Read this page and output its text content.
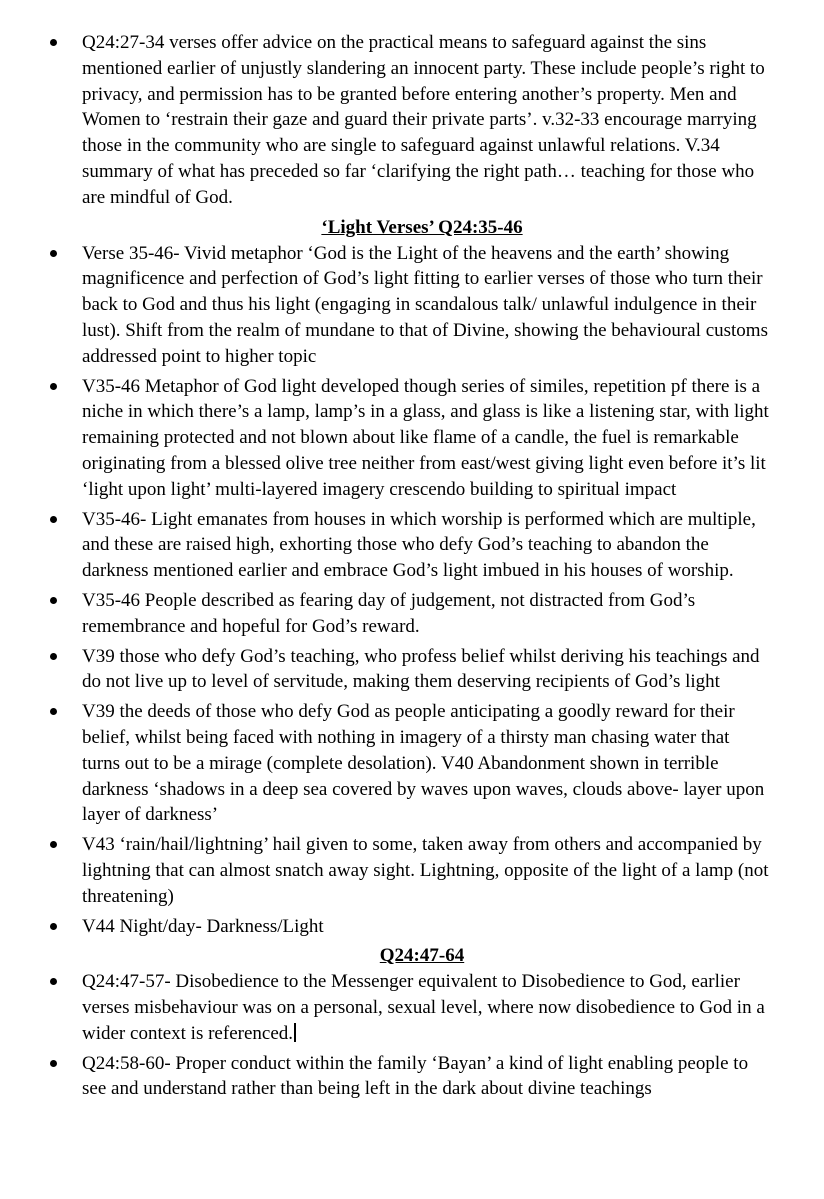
Q24:27-34 verses offer advice on the practical means to safeguard against the sins mentioned earlier of unjustly slandering an innocent party. These include people’s right to privacy, and permission has to be granted before entering another’s property. Men and Women to ‘restrain their gaze and guard their private parts’. v.32-33 encourage marrying those in the community who are single to safeguard against unlawful relations. V.34 summary of what has preceded so far ‘clarifying the right path… teaching for those who are mindful of God.
‘Light Verses’ Q24:35-46
Verse 35-46- Vivid metaphor ‘God is the Light of the heavens and the earth’ showing magnificence and perfection of God’s light fitting to earlier verses of those who turn their back to God and thus his light (engaging in scandalous talk/ unlawful indulgence in their lust). Shift from the realm of mundane to that of Divine, showing the behavioural customs addressed point to higher topic
V35-46 Metaphor of God light developed though series of similes, repetition pf there is a niche in which there’s a lamp, lamp’s in a glass, and glass is like a listening star, with light remaining protected and not blown about like flame of a candle, the fuel is remarkable originating from a blessed olive tree neither from east/west giving light even before it’s lit ‘light upon light’ multi-layered imagery crescendo building to spiritual impact
V35-46- Light emanates from houses in which worship is performed which are multiple, and these are raised high, exhorting those who defy God’s teaching to abandon the darkness mentioned earlier and embrace God’s light imbued in his houses of worship.
V35-46 People described as fearing day of judgement, not distracted from God’s remembrance and hopeful for God’s reward.
V39 those who defy God’s teaching, who profess belief whilst deriving his teachings and do not live up to level of servitude, making them deserving recipients of God’s light
V39 the deeds of those who defy God as people anticipating a goodly reward for their belief, whilst being faced with nothing in imagery of a thirsty man chasing water that turns out to be a mirage (complete desolation). V40 Abandonment shown in terrible darkness ‘shadows in a deep sea covered by waves upon waves, clouds above- layer upon layer of darkness’
V43 ‘rain/hail/lightning’ hail given to some, taken away from others and accompanied by lightning that can almost snatch away sight. Lightning, opposite of the light of a lamp (not threatening)
V44 Night/day- Darkness/Light
Q24:47-64
Q24:47-57- Disobedience to the Messenger equivalent to Disobedience to God, earlier verses misbehaviour was on a personal, sexual level, where now disobedience to God in a wider context is referenced.
Q24:58-60- Proper conduct within the family ‘Bayan’ a kind of light enabling people to see and understand rather than being left in the dark about divine teachings
